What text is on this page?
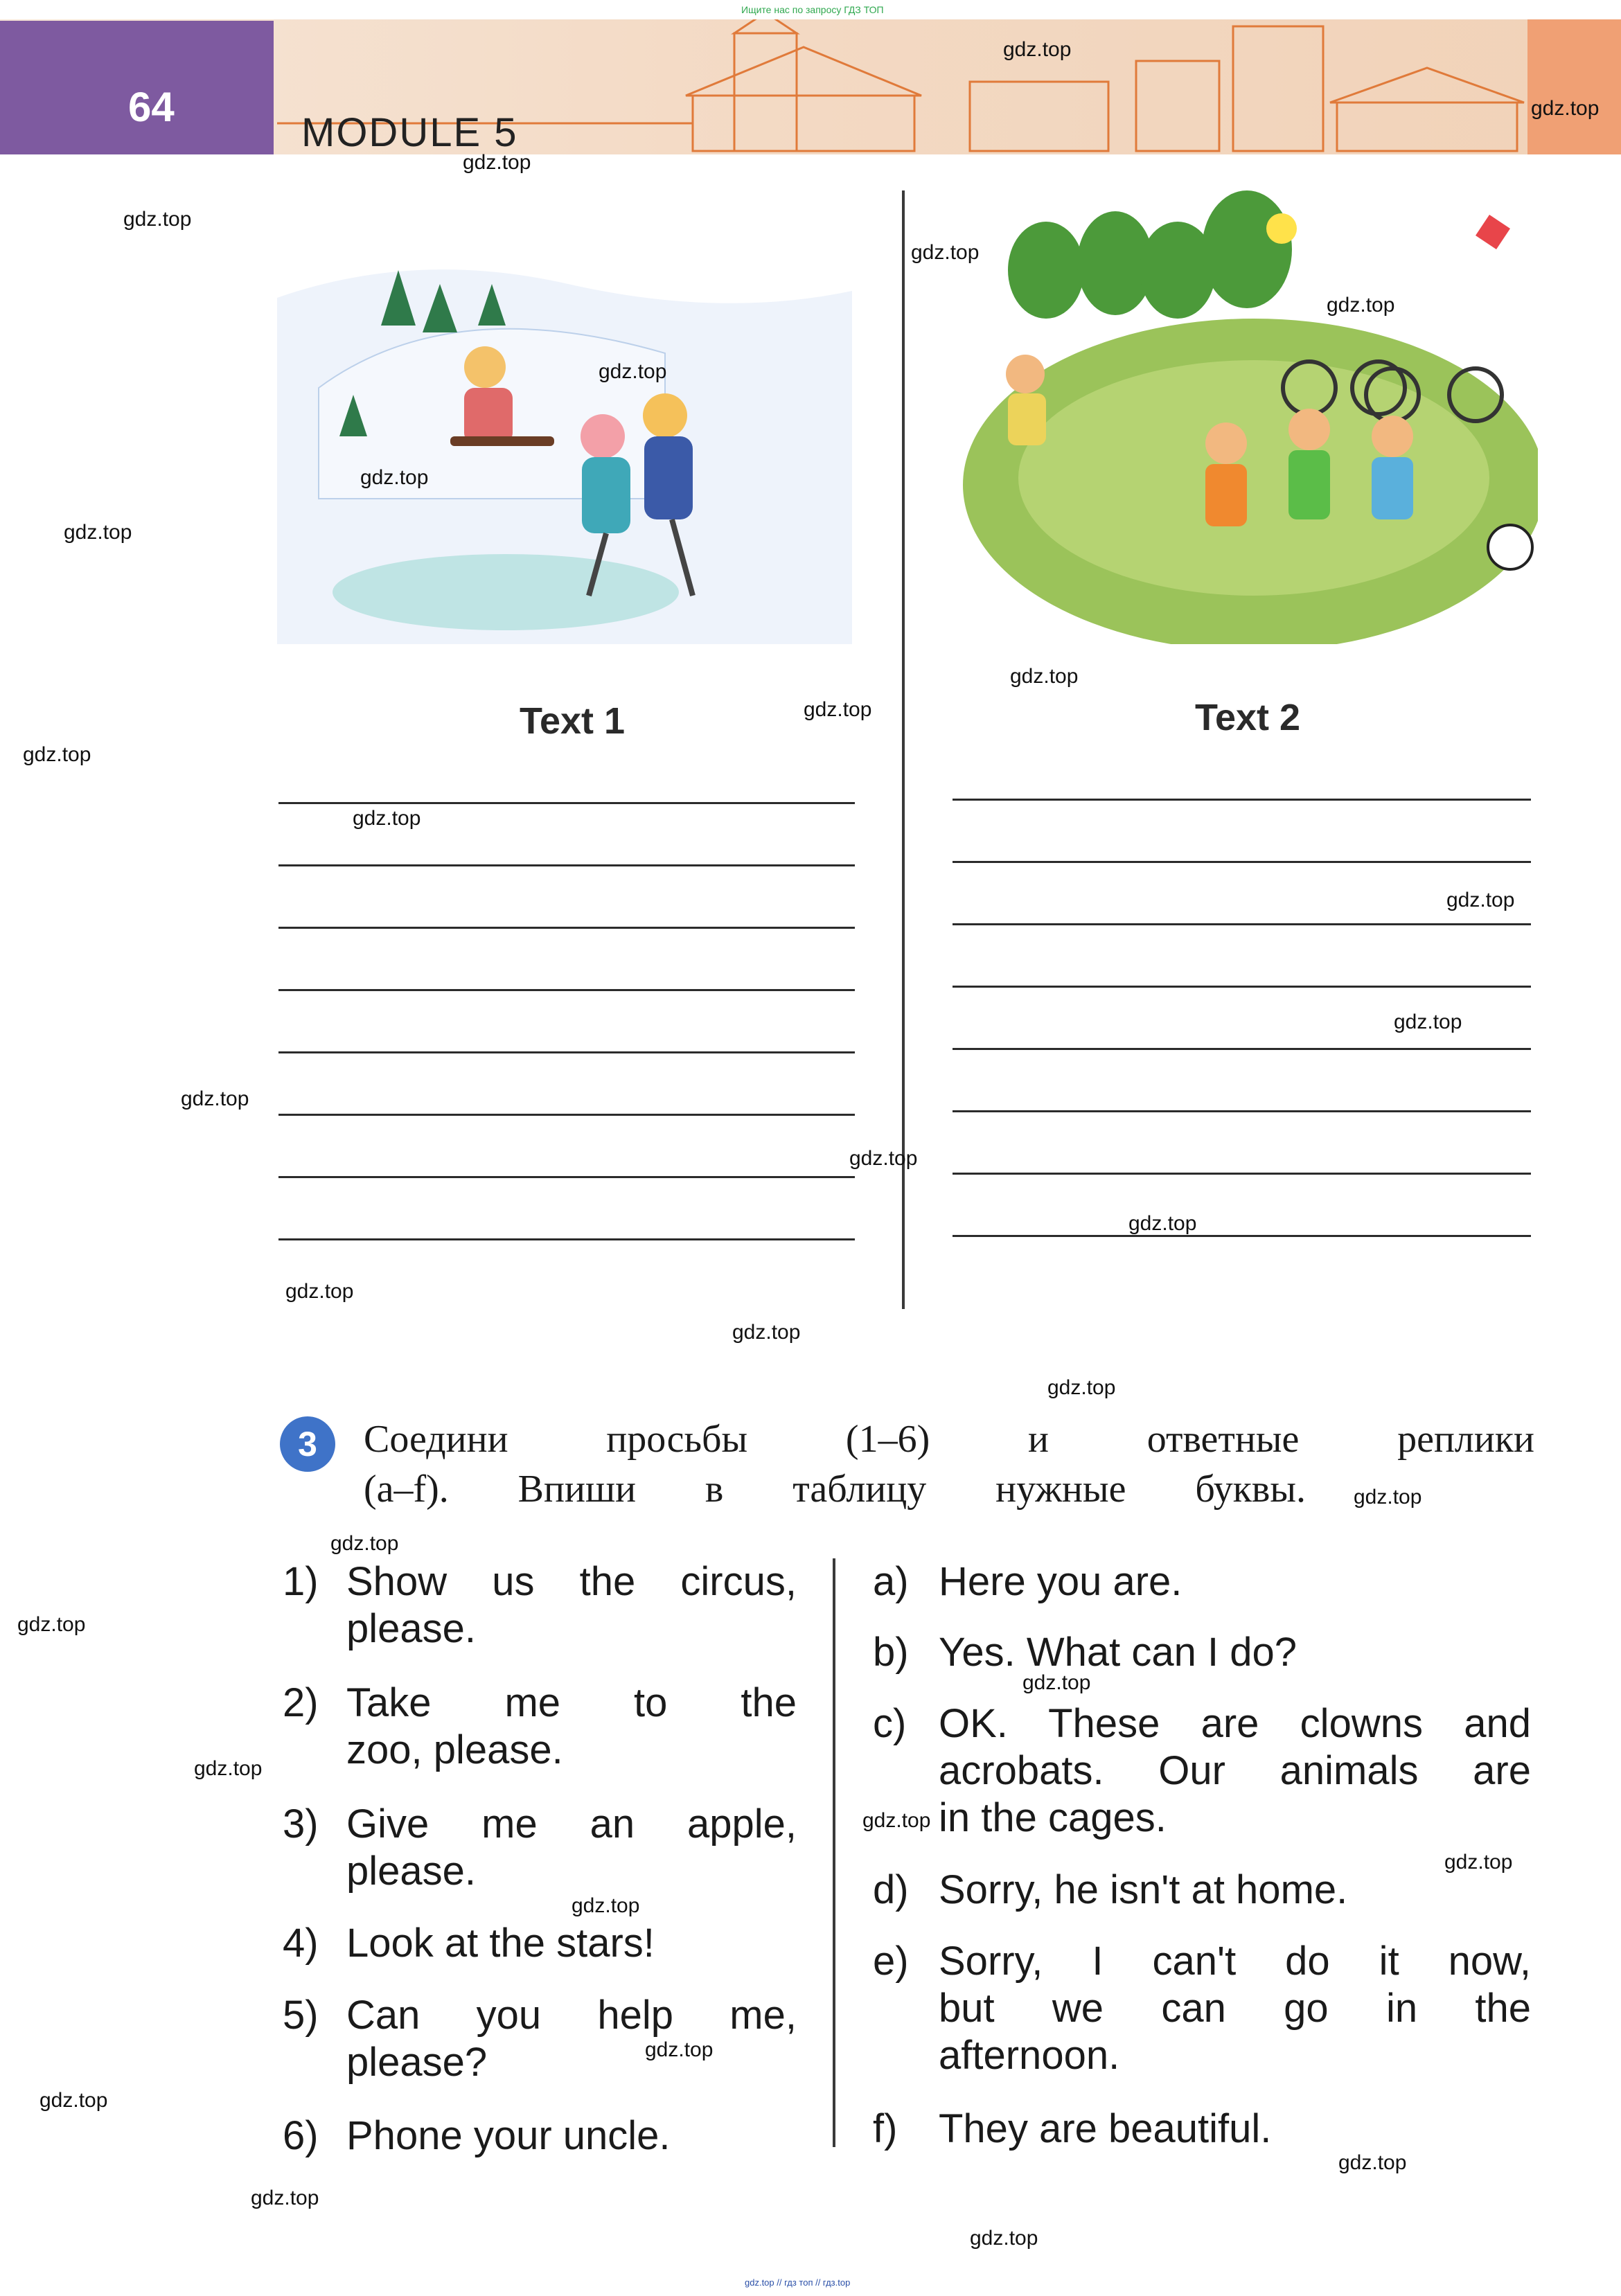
Ищите нас по запросу ГДЗ ТОП
64
MODULE 5
Text 1	Text 2
3	Соедини просьбы (1–6) и ответные реплики
(a–f). Впиши в таблицу нужные буквы.
1) Show us the circus,
please.
2) Take me to the
zoo, please.
3) Give me an apple,
please.
4) Look at the stars!
5) Can you help me,
please?
6) Phone your uncle.
a) Here you are.
b) Yes. What can I do?
c) OK. These are clowns and
acrobats. Our animals are
in the cages.
d) Sorry, he isn't at home.
e) Sorry, I can't do it now,
but we can go in the
afternoon.
f) They are beautiful.
gdz.top
gdz.top
gdz.top
gdz.top
gdz.top
gdz.top
gdz.top
gdz.top
gdz.top
gdz.top
gdz.top
gdz.top
gdz.top
gdz.top
gdz.top
gdz.top
gdz.top
gdz.top
gdz.top
gdz.top
gdz.top
gdz.top
gdz.top
gdz.top
gdz.top
gdz.top
gdz.top
gdz.top
gdz.top
gdz.top
gdz.top
gdz.top
gdz.top
gdz.top
gdz.top // гдз топ // гдз.top
